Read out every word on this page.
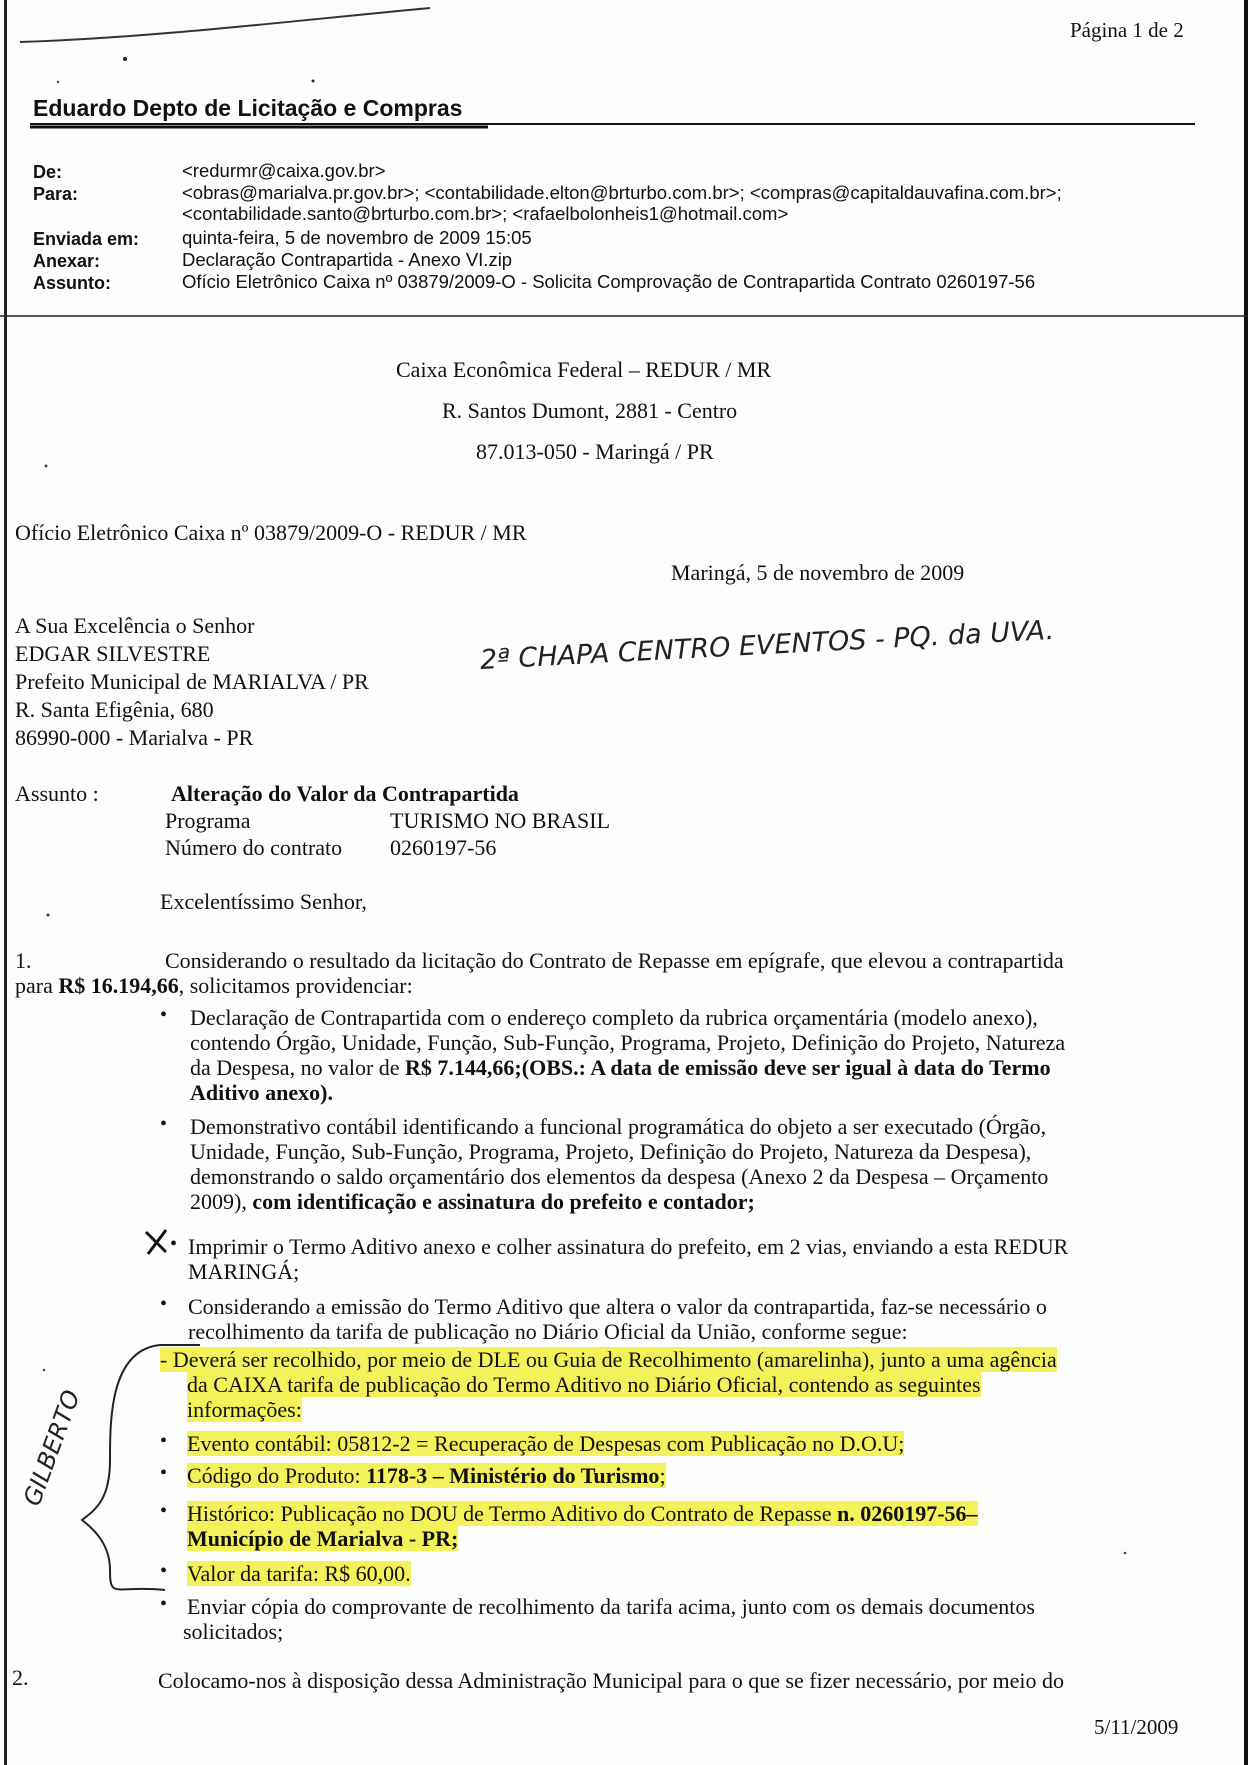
Página 1 de 2
Eduardo Depto de Licitação e Compras
De:	<redurmr@caixa.gov.br>
Para:	<obras@marialva.pr.gov.br>; <contabilidade.elton@brturbo.com.br>; <compras@capitaldauvafina.com.br>;
<contabilidade.santo@brturbo.com.br>; <rafaelbolonheis1@hotmail.com>
Enviada em: quinta-feira, 5 de novembro de 2009 15:05
Anexar:	Declaração Contrapartida - Anexo VI.zip
Assunto:	Ofício Eletrônico Caixa nº 03879/2009-O - Solicita Comprovação de Contrapartida Contrato 0260197-56
Caixa Econômica Federal – REDUR / MR
R. Santos Dumont, 2881 - Centro
87.013-050 - Maringá / PR
Ofício Eletrônico Caixa nº 03879/2009-O - REDUR / MR
Maringá, 5 de novembro de 2009
A Sua Excelência o Senhor
EDGAR SILVESTRE
Prefeito Municipal de MARIALVA / PR
R. Santa Efigênia, 680
86990-000 - Marialva - PR
2ª CHAPA CENTRO EVENTOS - PQ. da UVA.
GILBERTO
Assunto :	Alteração do Valor da Contrapartida
Programa	TURISMO NO BRASIL
Número do contrato 0260197-56
Excelentíssimo Senhor,
1.	Considerando o resultado da licitação do Contrato de Repasse em epígrafe, que elevou a contrapartida
para R$ 16.194,66, solicitamos providenciar:
• Declaração de Contrapartida com o endereço completo da rubrica orçamentária (modelo anexo),
contendo Órgão, Unidade, Função, Sub-Função, Programa, Projeto, Definição do Projeto, Natureza
da Despesa, no valor de R$ 7.144,66;(OBS.: A data de emissão deve ser igual à data do Termo
Aditivo anexo).
• Demonstrativo contábil identificando a funcional programática do objeto a ser executado (Órgão,
Unidade, Função, Sub-Função, Programa, Projeto, Definição do Projeto, Natureza da Despesa),
demonstrando o saldo orçamentário dos elementos da despesa (Anexo 2 da Despesa – Orçamento
2009), com identificação e assinatura do prefeito e contador;
• Imprimir o Termo Aditivo anexo e colher assinatura do prefeito, em 2 vias, enviando a esta REDUR
MARINGÁ;
• Considerando a emissão do Termo Aditivo que altera o valor da contrapartida, faz-se necessário o
recolhimento da tarifa de publicação no Diário Oficial da União, conforme segue:
- Deverá ser recolhido, por meio de DLE ou Guia de Recolhimento (amarelinha), junto a uma agência
da CAIXA tarifa de publicação do Termo Aditivo no Diário Oficial, contendo as seguintes
informações:
• Evento contábil: 05812-2 = Recuperação de Despesas com Publicação no D.O.U;
• Código do Produto: 1178-3 – Ministério do Turismo;
• Histórico: Publicação no DOU de Termo Aditivo do Contrato de Repasse n. 0260197-56–
Município de Marialva - PR;
• Valor da tarifa: R$ 60,00.
• Enviar cópia do comprovante de recolhimento da tarifa acima, junto com os demais documentos
solicitados;
2.	Colocamo-nos à disposição dessa Administração Municipal para o que se fizer necessário, por meio do
5/11/2009
